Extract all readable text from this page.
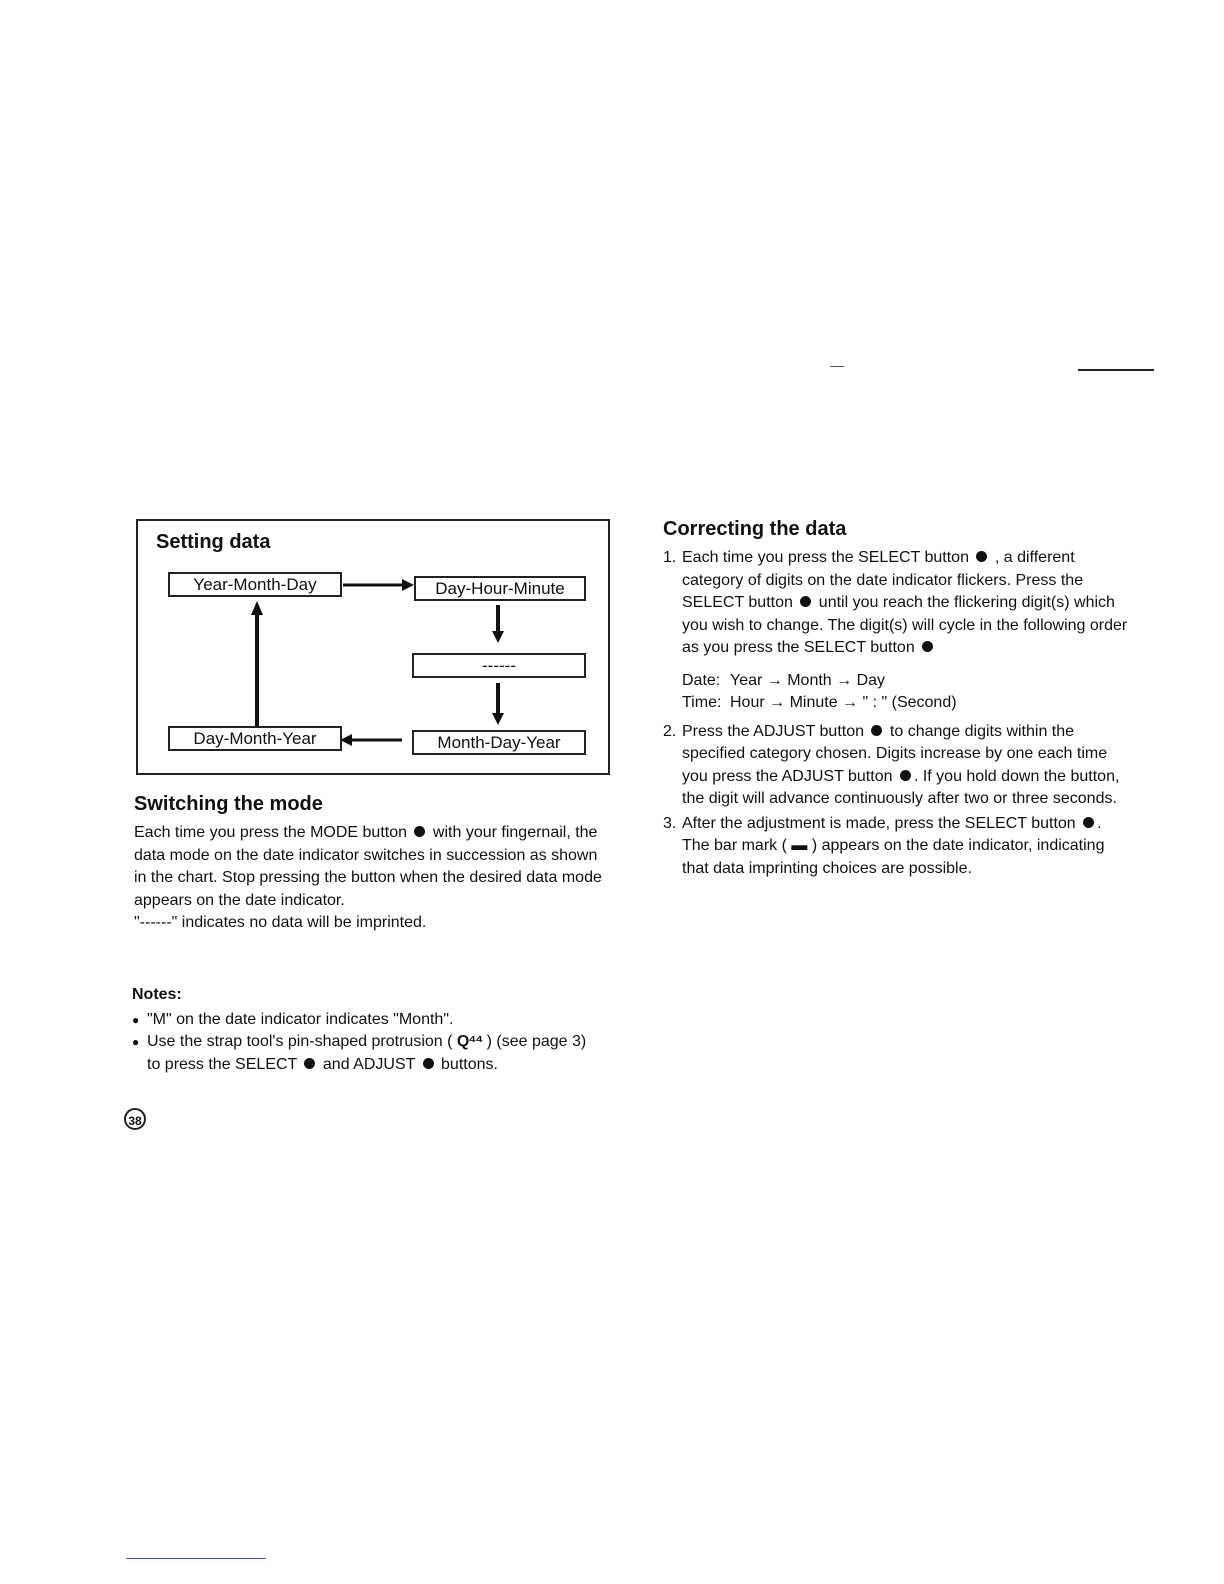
Setting data
Year-Month-Day	Day-Hour-Minute
------
Month-Day-Year
Day-Month-Year
Switching the mode
Each time you press the MODE button with your fingernail, the data mode on the date indicator switches in succession as shown in the chart. Stop pressing the button when the desired data mode appears on the date indicator.
"------" indicates no data will be imprinted.
Notes:
● "M" on the date indicator indicates "Month".
● Use the strap tool's pin-shaped protrusion ( Q⁴⁴ ) (see page 3) to press the SELECT and ADJUST buttons.
38
Correcting the data
1. Each time you press the SELECT button , a different category of digits on the date indicator flickers. Press the SELECT button until you reach the flickering digit(s) which you wish to change. The digit(s) will cycle in the following order as you press the SELECT button
Date: Year → Month → Day
Time: Hour → Minute → " : " (Second)
2. Press the ADJUST button to change digits within the specified category chosen. Digits increase by one each time you press the ADJUST button . If you hold down the button, the digit will advance continuously after two or three seconds.
3. After the adjustment is made, press the SELECT button . The bar mark ( ▬ ) appears on the date indicator, indicating that data imprinting choices are possible.
